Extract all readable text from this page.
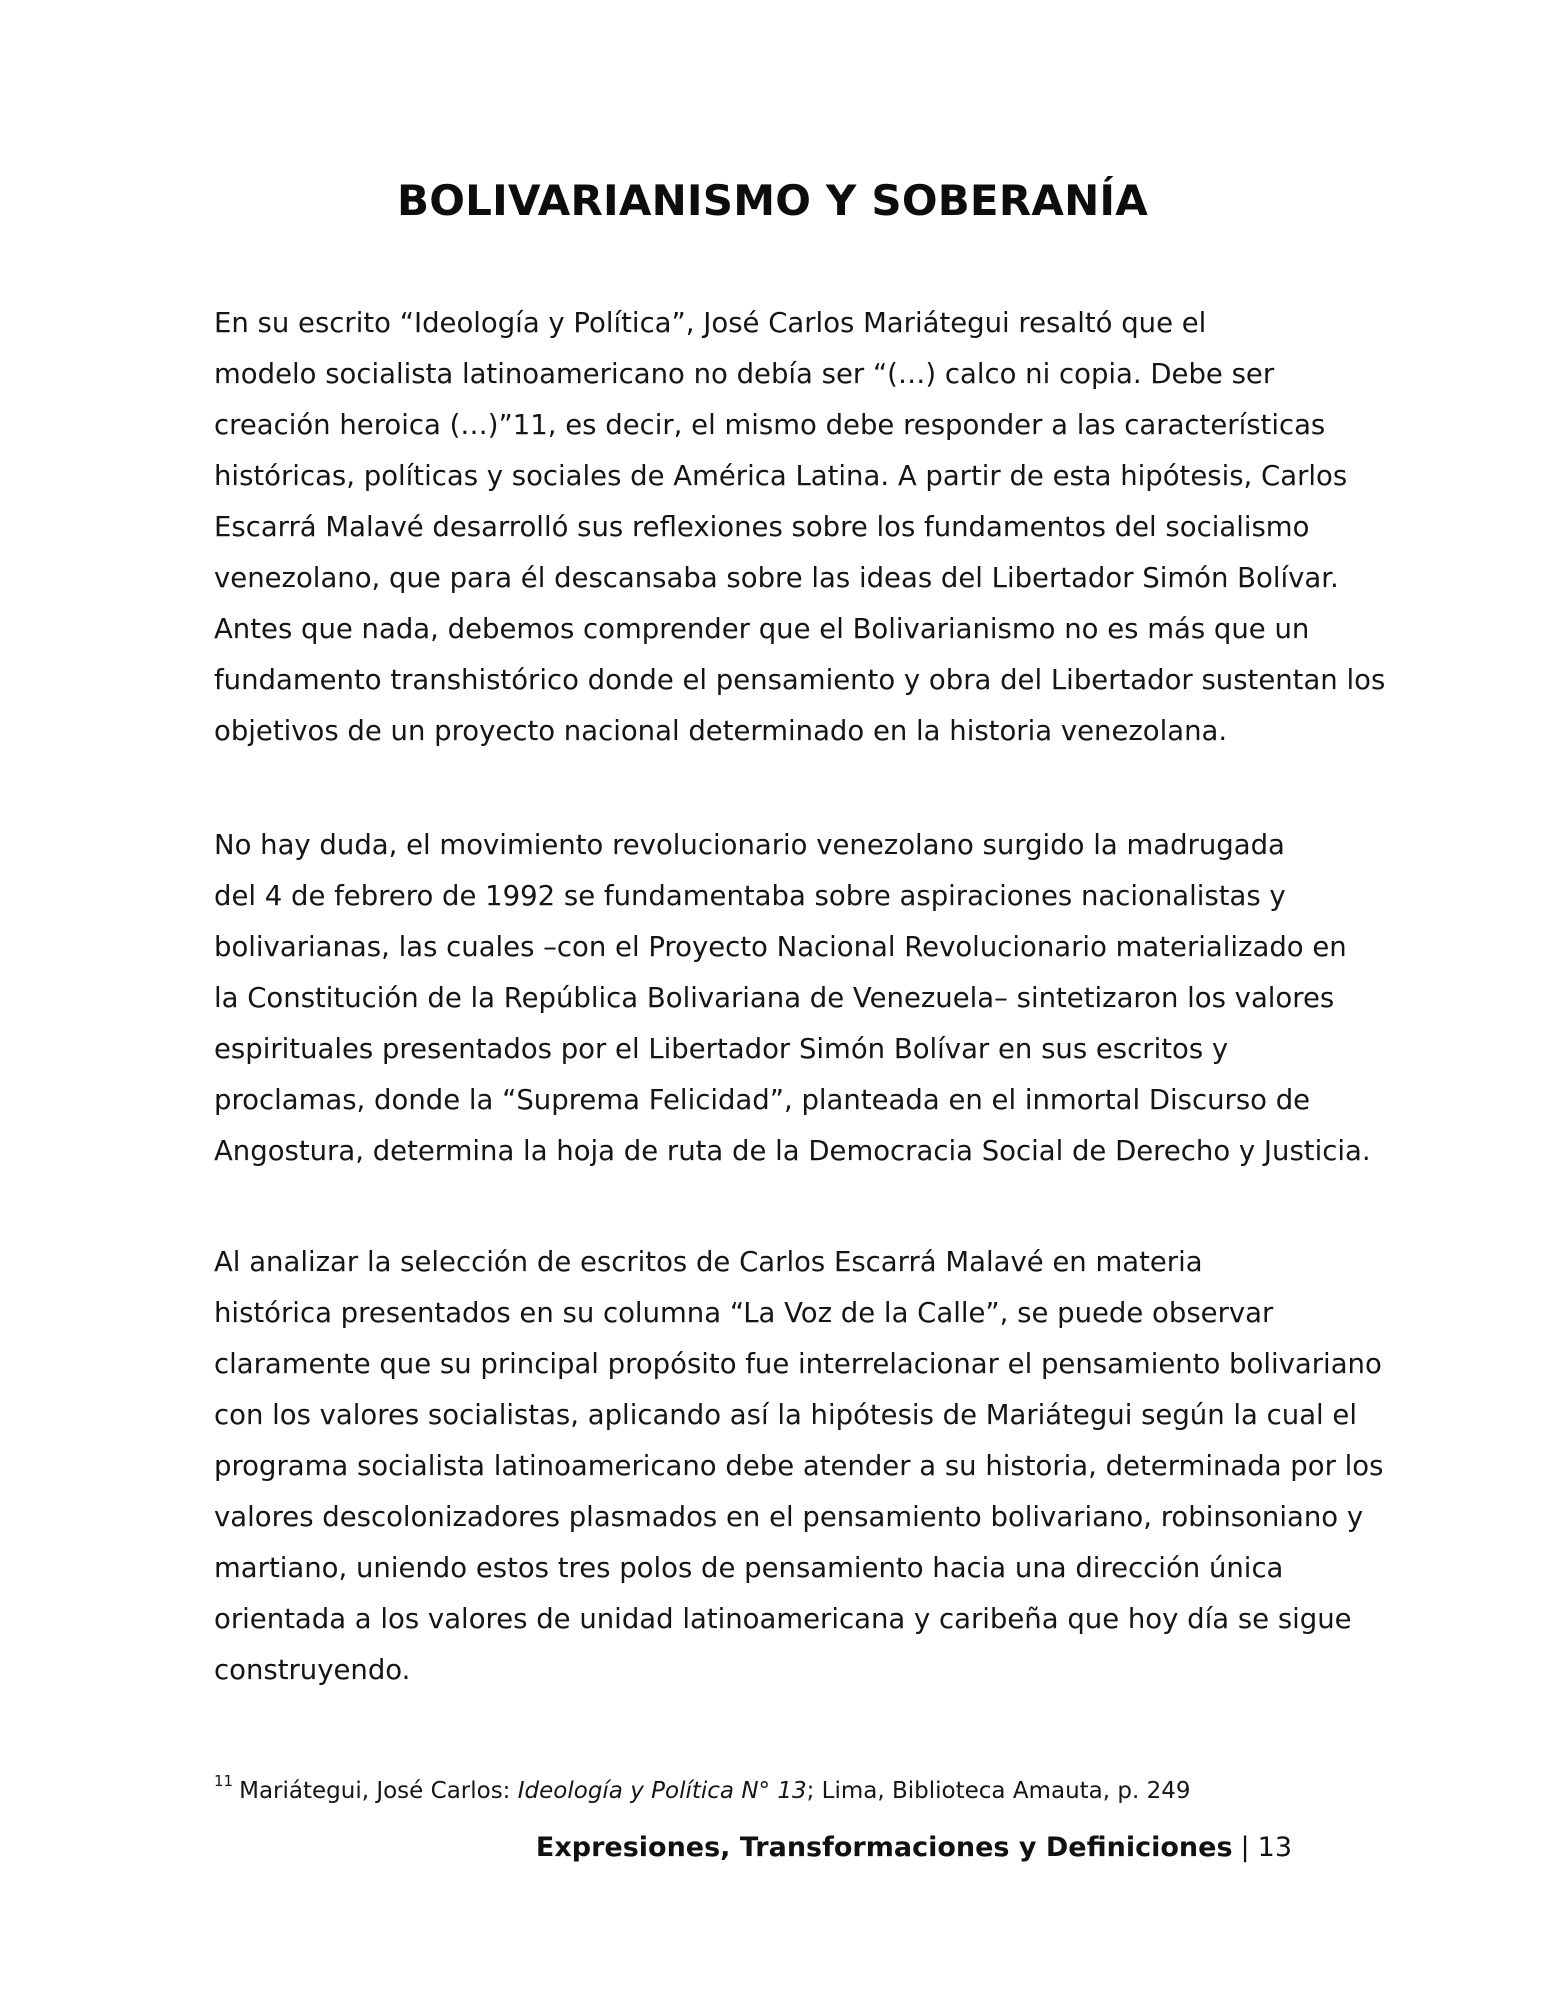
BOLIVARIANISMO Y SOBERANÍA

En su escrito “Ideología y Política”, José Carlos Mariátegui resaltó que el
modelo socialista latinoamericano no debía ser “(…) calco ni copia. Debe ser
creación heroica (…)”11, es decir, el mismo debe responder a las características
históricas, políticas y sociales de América Latina. A partir de esta hipótesis, Carlos
Escarrá Malavé desarrolló sus reflexiones sobre los fundamentos del socialismo
venezolano, que para él descansaba sobre las ideas del Libertador Simón Bolívar.
Antes que nada, debemos comprender que el Bolivarianismo no es más que un
fundamento transhistórico donde el pensamiento y obra del Libertador sustentan los
objetivos de un proyecto nacional determinado en la historia venezolana.

No hay duda, el movimiento revolucionario venezolano surgido la madrugada
del 4 de febrero de 1992 se fundamentaba sobre aspiraciones nacionalistas y
bolivarianas, las cuales –con el Proyecto Nacional Revolucionario materializado en
la Constitución de la República Bolivariana de Venezuela– sintetizaron los valores
espirituales presentados por el Libertador Simón Bolívar en sus escritos y
proclamas, donde la “Suprema Felicidad”, planteada en el inmortal Discurso de
Angostura, determina la hoja de ruta de la Democracia Social de Derecho y Justicia.

Al analizar la selección de escritos de Carlos Escarrá Malavé en materia
histórica presentados en su columna “La Voz de la Calle”, se puede observar
claramente que su principal propósito fue interrelacionar el pensamiento bolivariano
con los valores socialistas, aplicando así la hipótesis de Mariátegui según la cual el
programa socialista latinoamericano debe atender a su historia, determinada por los
valores descolonizadores plasmados en el pensamiento bolivariano, robinsoniano y
martiano, uniendo estos tres polos de pensamiento hacia una dirección única
orientada a los valores de unidad latinoamericana y caribeña que hoy día se sigue
construyendo.

$^{11}$ Mariátegui, José Carlos: Ideología y Política N° 13; Lima, Biblioteca Amauta, p. 249
Expresiones, Transformaciones y Definiciones | 13
